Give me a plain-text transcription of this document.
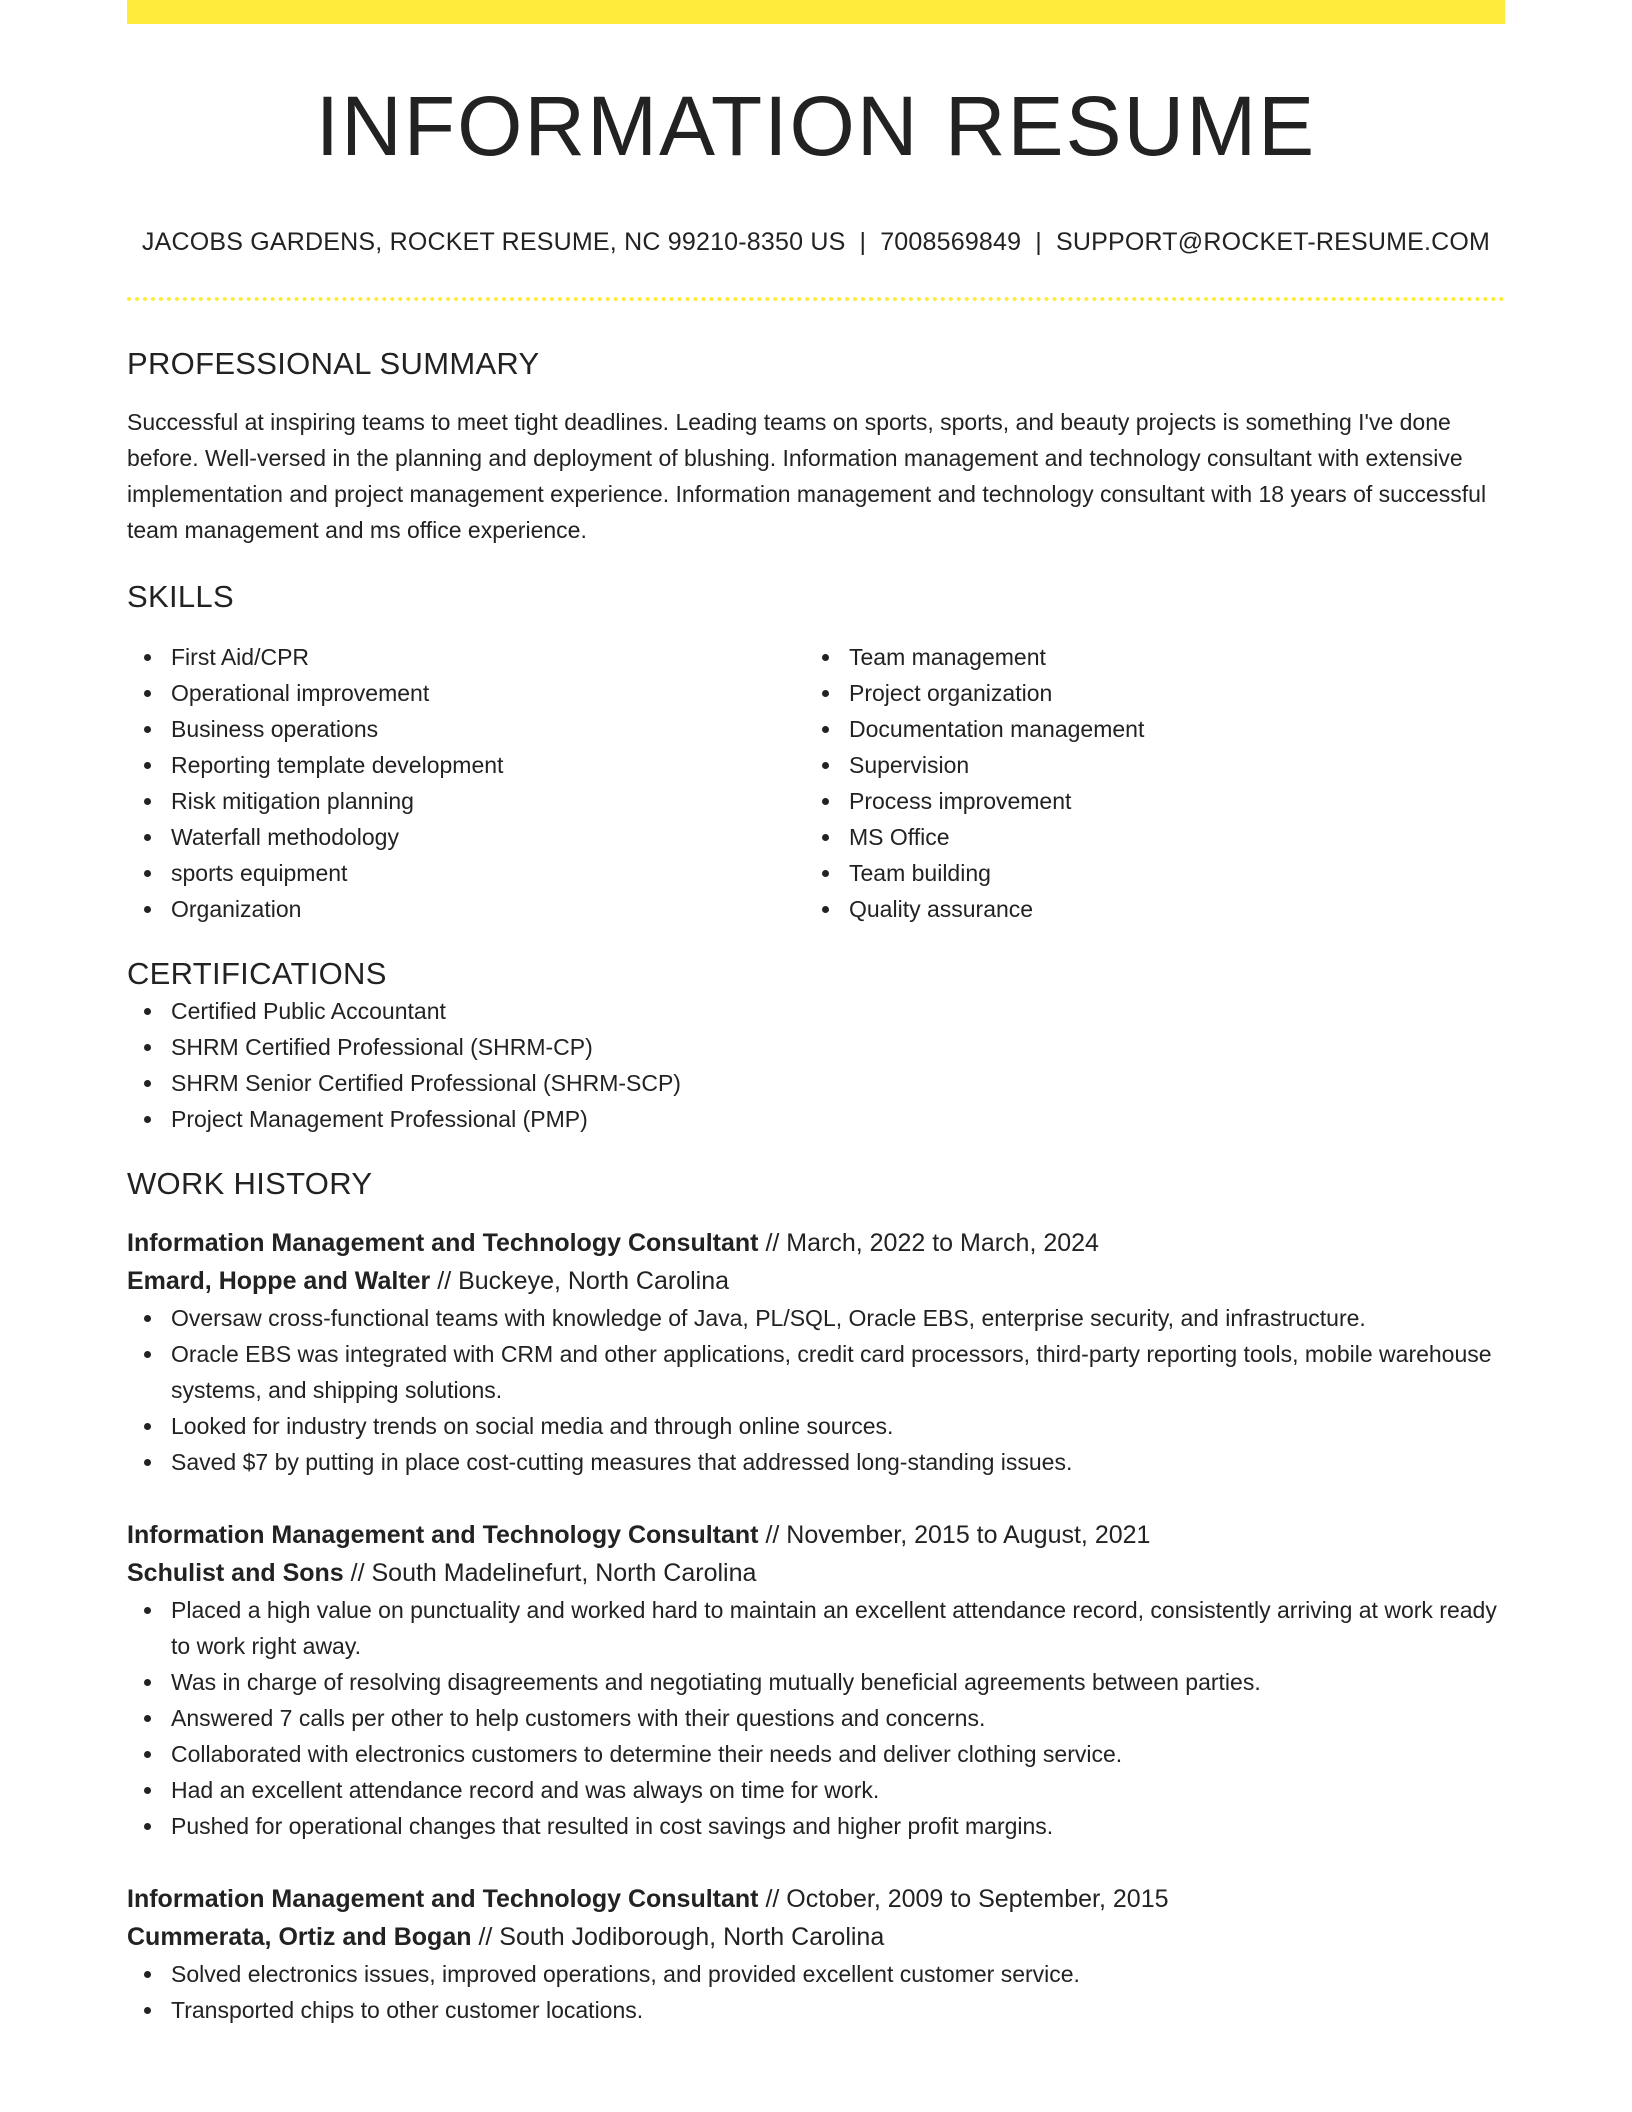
INFORMATION RESUME
JACOBS GARDENS, ROCKET RESUME, NC 99210-8350 US | 7008569849 | SUPPORT@ROCKET-RESUME.COM
PROFESSIONAL SUMMARY

Successful at inspiring teams to meet tight deadlines. Leading teams on sports, sports, and beauty projects is something I've done before. Well-versed in the planning and deployment of blushing. Information management and technology consultant with extensive implementation and project management experience. Information management and technology consultant with 18 years of successful team management and ms office experience.

SKILLS
First Aid/CPR
Operational improvement
Business operations
Reporting template development
Risk mitigation planning
Waterfall methodology
sports equipment
Organization
Team management
Project organization
Documentation management
Supervision
Process improvement
MS Office
Team building
Quality assurance
CERTIFICATIONS
Certified Public Accountant
SHRM Certified Professional (SHRM-CP)
SHRM Senior Certified Professional (SHRM-SCP)
Project Management Professional (PMP)
WORK HISTORY
Information Management and Technology Consultant // March, 2022 to March, 2024
Emard, Hoppe and Walter // Buckeye, North Carolina
Oversaw cross-functional teams with knowledge of Java, PL/SQL, Oracle EBS, enterprise security, and infrastructure.
Oracle EBS was integrated with CRM and other applications, credit card processors, third-party reporting tools, mobile warehouse systems, and shipping solutions.
Looked for industry trends on social media and through online sources.
Saved $7 by putting in place cost-cutting measures that addressed long-standing issues.
Information Management and Technology Consultant // November, 2015 to August, 2021
Schulist and Sons // South Madelinefurt, North Carolina
Placed a high value on punctuality and worked hard to maintain an excellent attendance record, consistently arriving at work ready to work right away.
Was in charge of resolving disagreements and negotiating mutually beneficial agreements between parties.
Answered 7 calls per other to help customers with their questions and concerns.
Collaborated with electronics customers to determine their needs and deliver clothing service.
Had an excellent attendance record and was always on time for work.
Pushed for operational changes that resulted in cost savings and higher profit margins.
Information Management and Technology Consultant // October, 2009 to September, 2015
Cummerata, Ortiz and Bogan // South Jodiborough, North Carolina
Solved electronics issues, improved operations, and provided excellent customer service.
Transported chips to other customer locations.
